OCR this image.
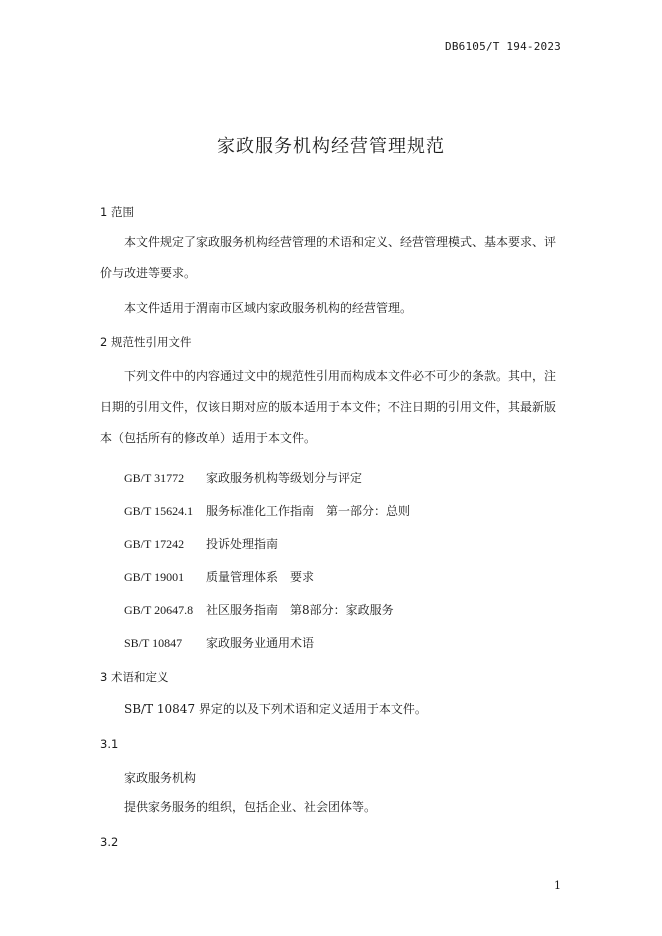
DB6105/T 194-2023
家政服务机构经营管理规范
1 范围
本文件规定了家政服务机构经营管理的术语和定义、经营管理模式、基本要求、评价与改进等要求。
本文件适用于渭南市区域内家政服务机构的经营管理。
2 规范性引用文件
下列文件中的内容通过文中的规范性引用而构成本文件必不可少的条款。其中，注日期的引用文件，仅该日期对应的版本适用于本文件；不注日期的引用文件，其最新版本（包括所有的修改单）适用于本文件。
GB/T 31772 家政服务机构等级划分与评定
GB/T 15624.1 服务标准化工作指南　第一部分：总则
GB/T 17242 投诉处理指南
GB/T 19001 质量管理体系　要求
GB/T 20647.8 社区服务指南　第8部分：家政服务
SB/T 10847 家政服务业通用术语
3 术语和定义
SB/T 10847 界定的以及下列术语和定义适用于本文件。
3.1
家政服务机构
提供家务服务的组织，包括企业、社会团体等。
3.2
1
